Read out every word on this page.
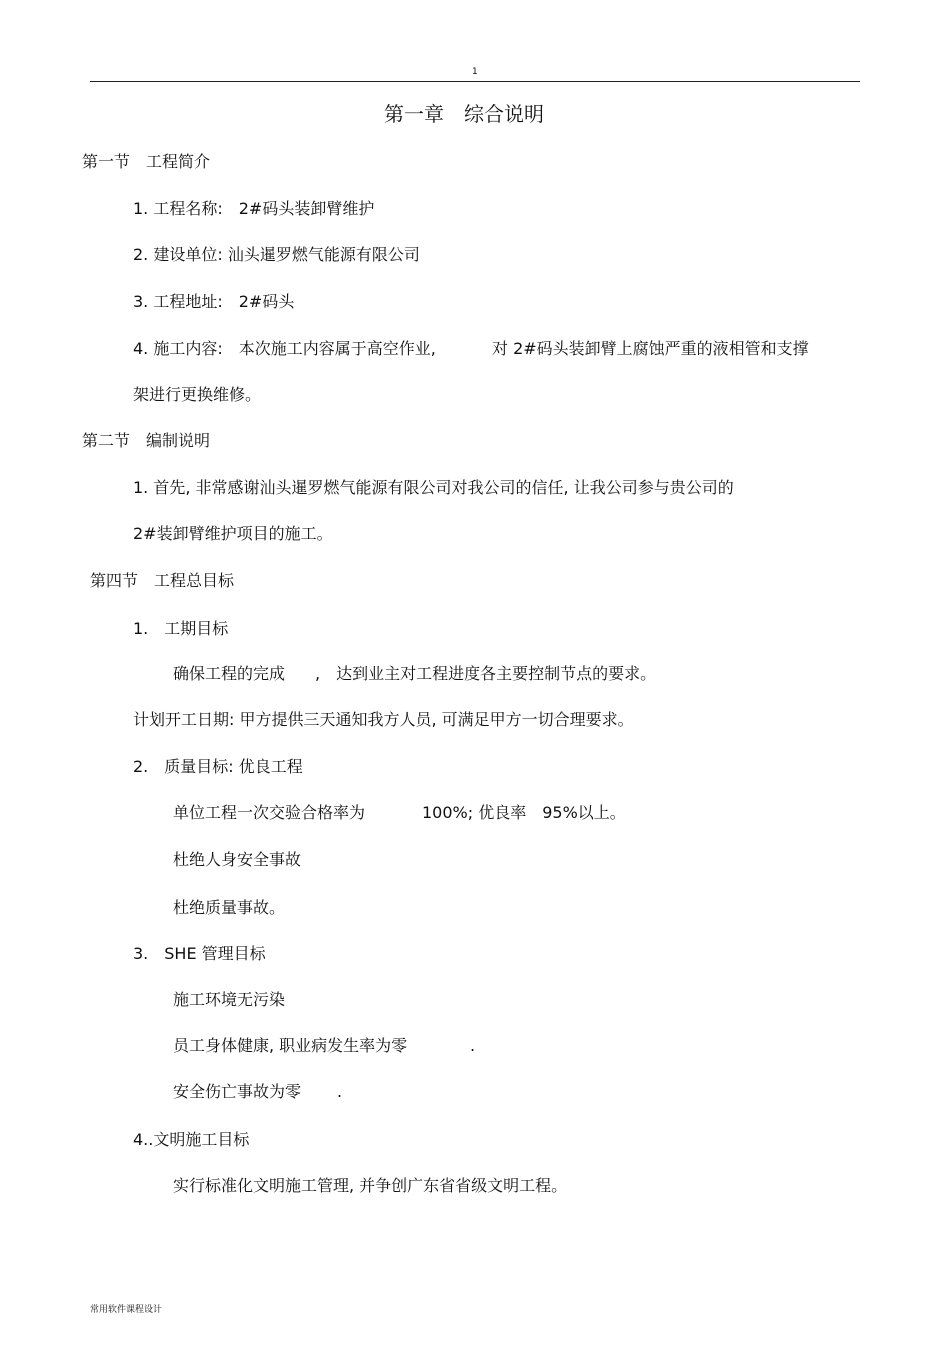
1
第一章　综合说明
第一节　工程简介
1. 工程名称:　2#码头装卸臂维护
2. 建设单位: 汕头暹罗燃气能源有限公司
3. 工程地址:　2#码头
4. 施工内容:　本次施工内容属于高空作业,	对 2#码头装卸臂上腐蚀严重的液相管和支撑
架进行更换维修。
第二节　编制说明
1. 首先, 非常感谢汕头暹罗燃气能源有限公司对我公司的信任, 让我公司参与贵公司的
2#装卸臂维护项目的施工。
第四节　工程总目标
1.　工期目标
确保工程的完成 ,　达到业主对工程进度各主要控制节点的要求。
计划开工日期: 甲方提供三天通知我方人员, 可满足甲方一切合理要求。
2.　质量目标: 优良工程
单位工程一次交验合格率为	100%; 优良率　95%以上。
杜绝人身安全事故
杜绝质量事故。
3.　SHE 管理目标
施工环境无污染
员工身体健康, 职业病发生率为零	.
安全伤亡事故为零 .
4..文明施工目标
实行标准化文明施工管理, 并争创广东省省级文明工程。
常用软件课程设计
